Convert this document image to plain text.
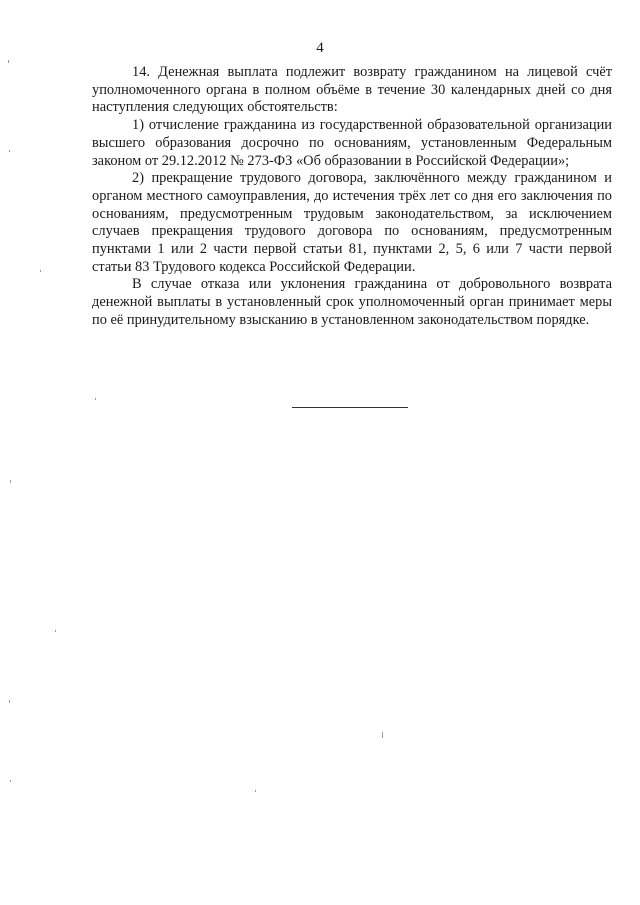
4

14. Денежная выплата подлежит возврату гражданином на лицевой счёт уполномоченного органа в полном объёме в течение 30 календарных дней со дня наступления следующих обстоятельств:

1) отчисление гражданина из государственной образовательной организации высшего образования досрочно по основаниям, установленным Федеральным законом от 29.12.2012 № 273-ФЗ «Об образовании в Российской Федерации»;

2) прекращение трудового договора, заключённого между гражданином и органом местного самоуправления, до истечения трёх лет со дня его заключения по основаниям, предусмотренным трудовым законодательством, за исключением случаев прекращения трудового договора по основаниям, предусмотренным пунктами 1 или 2 части первой статьи 81, пунктами 2, 5, 6 или 7 части первой статьи 83 Трудового кодекса Российской Федерации.

В случае отказа или уклонения гражданина от добровольного возврата денежной выплаты в установленный срок уполномоченный орган принимает меры по её принудительному взысканию в установленном законодательством порядке.
